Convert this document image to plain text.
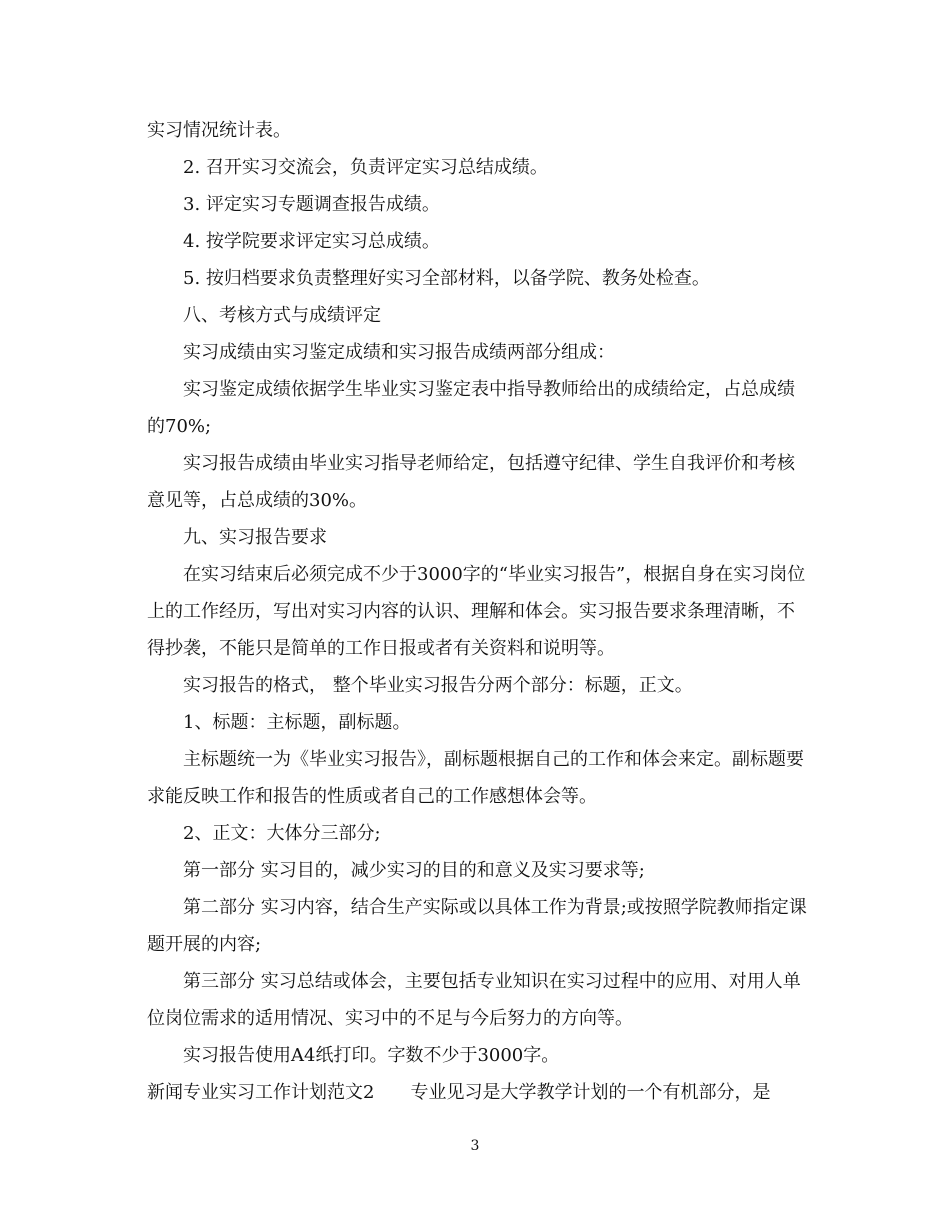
实习情况统计表。

2. 召开实习交流会，负责评定实习总结成绩。

3. 评定实习专题调查报告成绩。

4. 按学院要求评定实习总成绩。

5. 按归档要求负责整理好实习全部材料，以备学院、教务处检查。

八、考核方式与成绩评定

实习成绩由实习鉴定成绩和实习报告成绩两部分组成：

实习鉴定成绩依据学生毕业实习鉴定表中指导教师给出的成绩给定，占总成绩的70%;

实习报告成绩由毕业实习指导老师给定，包括遵守纪律、学生自我评价和考核意见等，占总成绩的30%。

九、实习报告要求

在实习结束后必须完成不少于3000字的“毕业实习报告”，根据自身在实习岗位上的工作经历，写出对实习内容的认识、理解和体会。实习报告要求条理清晰，不得抄袭，不能只是简单的工作日报或者有关资料和说明等。

实习报告的格式， 整个毕业实习报告分两个部分：标题，正文。

1、标题：主标题，副标题。

主标题统一为《毕业实习报告》，副标题根据自己的工作和体会来定。副标题要求能反映工作和报告的性质或者自己的工作感想体会等。

2、正文：大体分三部分;

第一部分 实习目的，减少实习的目的和意义及实习要求等;

第二部分 实习内容，结合生产实际或以具体工作为背景;或按照学院教师指定课题开展的内容;

第三部分 实习总结或体会，主要包括专业知识在实习过程中的应用、对用人单位岗位需求的适用情况、实习中的不足与今后努力的方向等。

实习报告使用A4纸打印。字数不少于3000字。

新闻专业实习工作计划范文2 专业见习是大学教学计划的一个有机部分，是
3
